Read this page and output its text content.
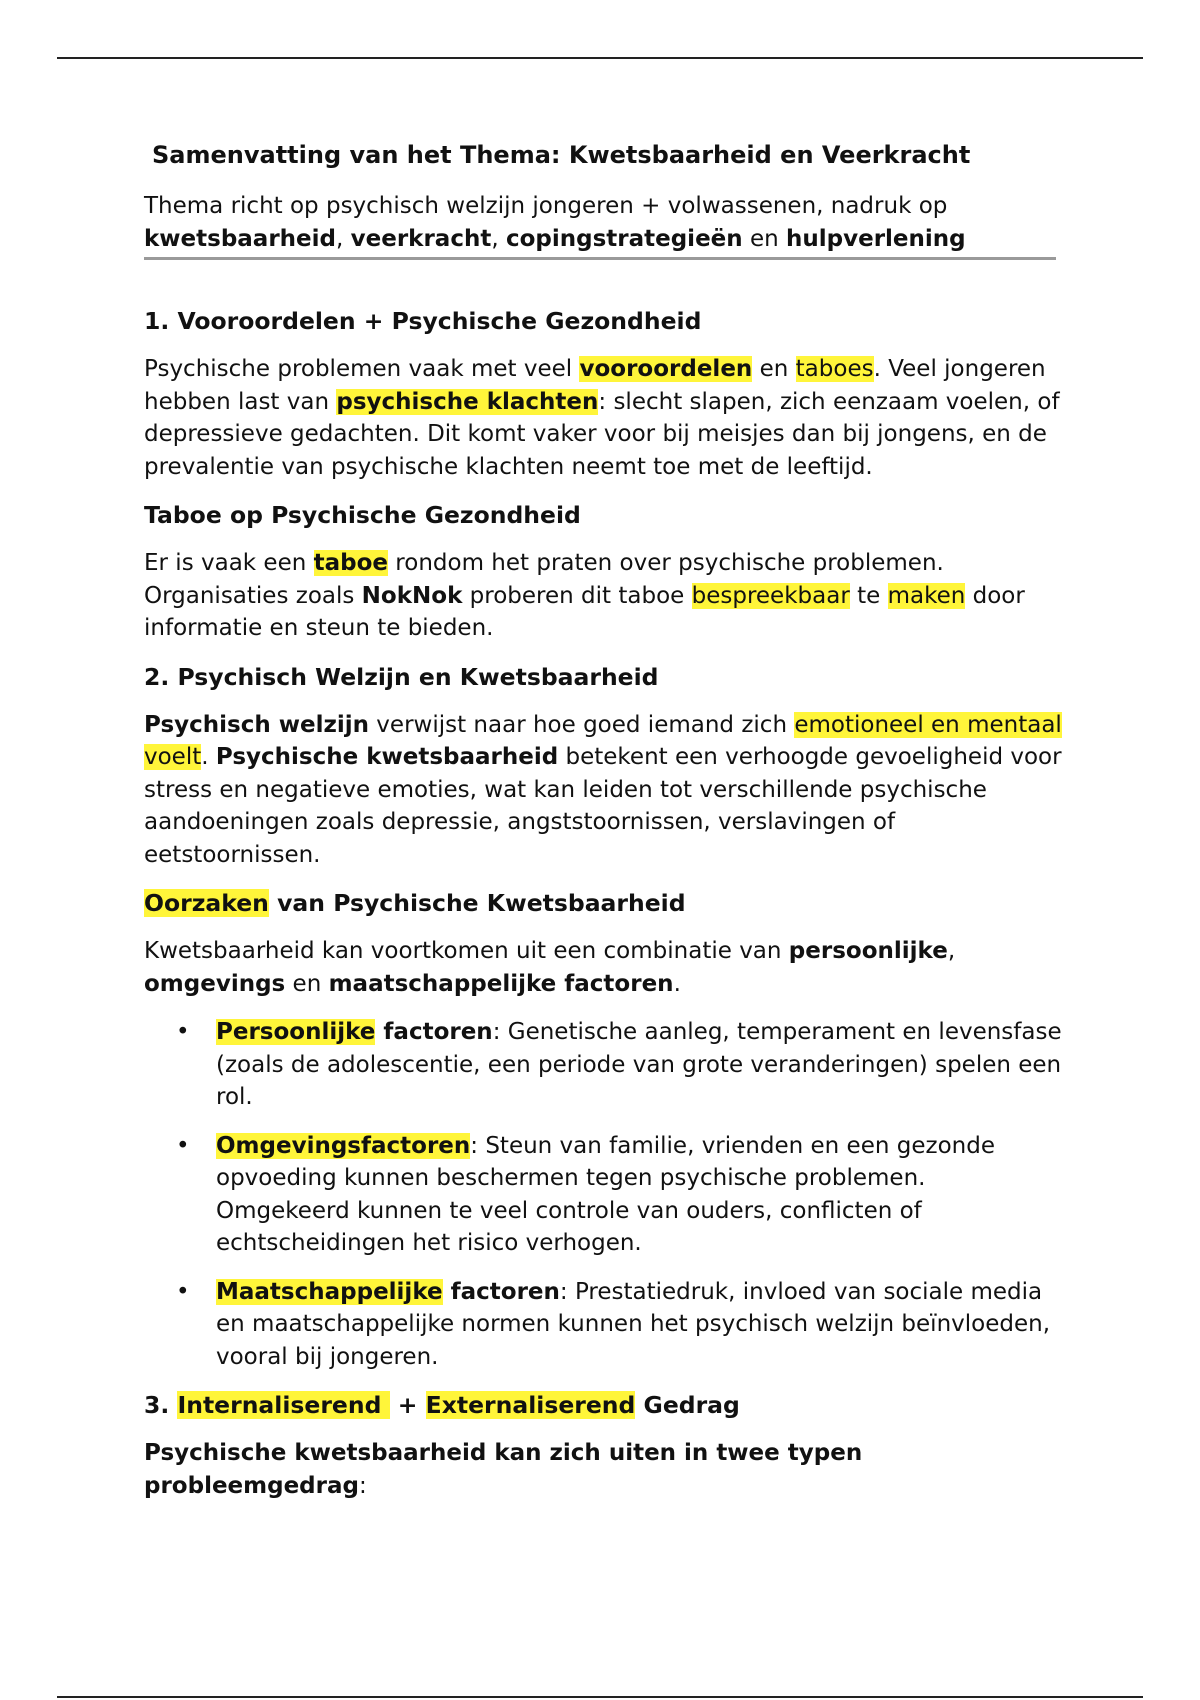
Samenvatting van het Thema: Kwetsbaarheid en Veerkracht

Thema richt op psychisch welzijn jongeren + volwassenen, nadruk op kwetsbaarheid, veerkracht, copingstrategieën en hulpverlening

1. Vooroordelen + Psychische Gezondheid

Psychische problemen vaak met veel vooroordelen en taboes. Veel jongeren hebben last van psychische klachten: slecht slapen, zich eenzaam voelen, of depressieve gedachten. Dit komt vaker voor bij meisjes dan bij jongens, en de prevalentie van psychische klachten neemt toe met de leeftijd.

Taboe op Psychische Gezondheid

Er is vaak een taboe rondom het praten over psychische problemen. Organisaties zoals NokNok proberen dit taboe bespreekbaar te maken door informatie en steun te bieden.

2. Psychisch Welzijn en Kwetsbaarheid

Psychisch welzijn verwijst naar hoe goed iemand zich emotioneel en mentaal voelt. Psychische kwetsbaarheid betekent een verhoogde gevoeligheid voor stress en negatieve emoties, wat kan leiden tot verschillende psychische aandoeningen zoals depressie, angststoornissen, verslavingen of eetstoornissen.

Oorzaken van Psychische Kwetsbaarheid

Kwetsbaarheid kan voortkomen uit een combinatie van persoonlijke, omgevings en maatschappelijke factoren.

• Persoonlijke factoren: Genetische aanleg, temperament en levensfase (zoals de adolescentie, een periode van grote veranderingen) spelen een rol.
• Omgevingsfactoren: Steun van familie, vrienden en een gezonde opvoeding kunnen beschermen tegen psychische problemen. Omgekeerd kunnen te veel controle van ouders, conflicten of echtscheidingen het risico verhogen.
• Maatschappelijke factoren: Prestatiedruk, invloed van sociale media en maatschappelijke normen kunnen het psychisch welzijn beïnvloeden, vooral bij jongeren.
3. Internaliserend  + Externaliserend Gedrag

Psychische kwetsbaarheid kan zich uiten in twee typen probleemgedrag:
